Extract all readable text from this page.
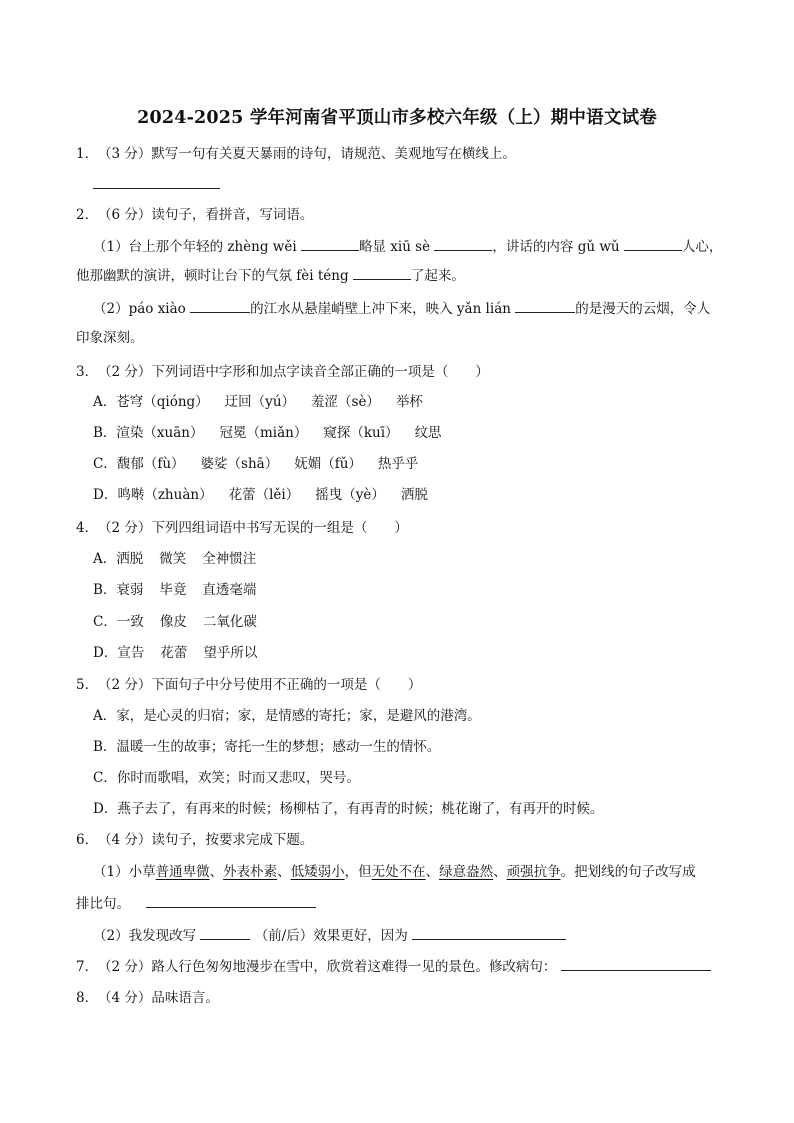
2024-2025 学年河南省平顶山市多校六年级（上）期中语文试卷
1．（3 分）默写一句有关夏天暴雨的诗句，请规范、美观地写在横线上。
2．（6 分）读句子，看拼音，写词语。
（1）台上那个年轻的 zhèng wěi	略显 xiū sè	，讲话的内容 gǔ wǔ	人心，
他那幽默的演讲，顿时让台下的气氛 fèi téng	了起来。
（2）páo xiào	的江水从悬崖峭壁上冲下来，映入 yǎn lián	的是漫天的云烟，令人
印象深刻。
3．（2 分）下列词语中字形和加点字读音全部正确的一项是（　　）
A．苍穹（qióng） 迂回（yú） 羞涩（sè） 举杯
B．渲染（xuān） 冠冕（miǎn） 窥探（kuī） 纹思
C．馥郁（fù） 婆娑（shā） 妩媚（fǔ） 热乎乎
D．鸣啭（zhuàn） 花蕾（lěi） 摇曳（yè） 洒脱
4．（2 分）下列四组词语中书写无误的一组是（　　）
A．洒脱 微笑 全神惯注
B．衰弱 毕竟 直透毫端
C．一致 像皮 二氧化碳
D．宣告 花蕾 望乎所以
5．（2 分）下面句子中分号使用不正确的一项是（　　）
A．家，是心灵的归宿；家，是情感的寄托；家，是避风的港湾。
B．温暖一生的故事；寄托一生的梦想；感动一生的情怀。
C．你时而歌唱，欢笑；时而又悲叹，哭号。
D．燕子去了，有再来的时候；杨柳枯了，有再青的时候；桃花谢了，有再开的时候。
6．（4 分）读句子，按要求完成下题。
（1）小草普通卑微、外表朴素、低矮弱小，但无处不在、绿意盎然、顽强抗争。把划线的句子改写成
排比句。
（2）我发现改写	（前/后）效果更好，因为
7．（2 分）路人行色匆匆地漫步在雪中，欣赏着这难得一见的景色。修改病句：
8．（4 分）品味语言。
